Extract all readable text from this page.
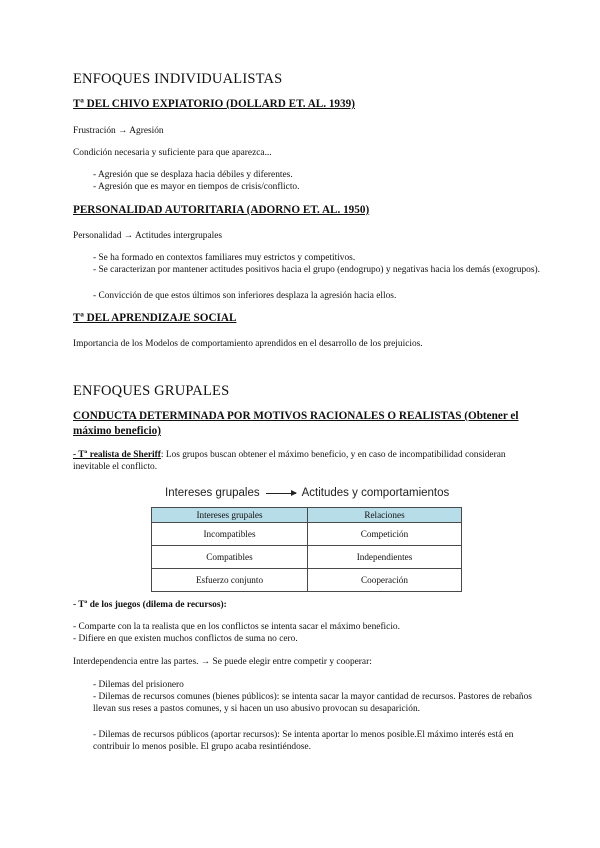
ENFOQUES INDIVIDUALISTAS
Tª DEL CHIVO EXPIATORIO (DOLLARD ET. AL. 1939)
Frustración → Agresión
Condición necesaria y suficiente para que aparezca...
- Agresión que se desplaza hacia débiles y diferentes.
- Agresión que es mayor en tiempos de crisis/conflicto.
PERSONALIDAD AUTORITARIA (ADORNO ET. AL. 1950)
Personalidad → Actitudes intergrupales
- Se ha formado en contextos familiares muy estrictos y competitivos.
- Se caracterizan por mantener actitudes positivos hacia el grupo (endogrupo) y negativas hacia los demás (exogrupos).
- Convicción de que estos últimos son inferiores desplaza la agresión hacia ellos.
Tª DEL APRENDIZAJE SOCIAL
Importancia de los Modelos de comportamiento aprendidos en el desarrollo de los prejuicios.
ENFOQUES GRUPALES
CONDUCTA DETERMINADA POR MOTIVOS RACIONALES O REALISTAS (Obtener el máximo beneficio)
- Tª realista de Sheriff: Los grupos buscan obtener el máximo beneficio, y en caso de incompatibilidad consideran inevitable el conflicto.
Intereses grupales	Actitudes y comportamientos
Intereses grupales	Relaciones
Incompatibles	Competición
Compatibles	Independientes
Esfuerzo conjunto	Cooperación
- Tª de los juegos (dilema de recursos):
- Comparte con la ta realista que en los conflictos se intenta sacar el máximo beneficio.
- Difiere en que existen muchos conflictos de suma no cero.
Interdependencia entre las partes. → Se puede elegir entre competir y cooperar:
- Dilemas del prisionero
- Dilemas de recursos comunes (bienes públicos): se intenta sacar la mayor cantidad de recursos. Pastores de rebaños llevan sus reses a pastos comunes, y si hacen un uso abusivo provocan su desaparición.
- Dilemas de recursos públicos (aportar recursos): Se intenta aportar lo menos posible.El máximo interés está en contribuir lo menos posible. El grupo acaba resintiéndose.
